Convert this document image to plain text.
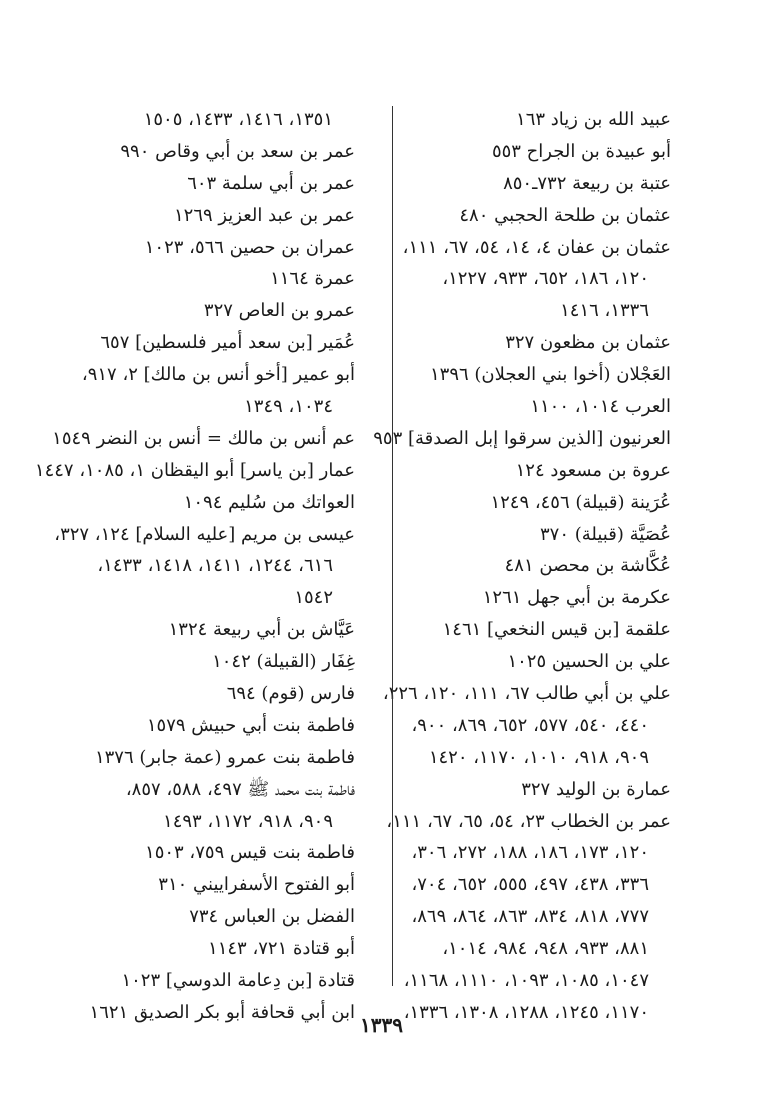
عبيد الله بن زياد ١٦٣
أبو عبيدة بن الجراح ٥٥٣
عتبة بن ربيعة ٧٣٢ـ٨٥٠
عثمان بن طلحة الحجبي ٤٨٠
عثمان بن عفان ٤، ١٤، ٥٤، ٦٧، ١١١،
١٢٠، ١٨٦، ٦٥٢، ٩٣٣، ١٢٢٧،
١٣٣٦، ١٤١٦
عثمان بن مظعون ٣٢٧
العَجْلان (أخوا بني العجلان) ١٣٩٦
العرب ١٠١٤، ١١٠٠
العرنيون [الذين سرقوا إبل الصدقة] ٩٥٣
عروة بن مسعود ١٢٤
عُرَينة (قبيلة) ٤٥٦، ١٢٤٩
عُصَيَّة (قبيلة) ٣٧٠
عُكَّاشة بن محصن ٤٨١
عكرمة بن أبي جهل ١٢٦١
علقمة [بن قيس النخعي] ١٤٦١
علي بن الحسين ١٠٢٥
علي بن أبي طالب ٦٧، ١١١، ١٢٠، ٢٢٦،
٤٤٠، ٥٤٠، ٥٧٧، ٦٥٢، ٨٦٩، ٩٠٠،
٩٠٩، ٩١٨، ١٠١٠، ١١٧٠، ١٤٢٠
عمارة بن الوليد ٣٢٧
عمر بن الخطاب ٢٣، ٥٤، ٦٥، ٦٧، ١١١،
١٢٠، ١٧٣، ١٨٦، ١٨٨، ٢٧٢، ٣٠٦،
٣٣٦، ٤٣٨، ٤٩٧، ٥٥٥، ٦٥٢، ٧٠٤،
٧٧٧، ٨١٨، ٨٣٤، ٨٦٣، ٨٦٤، ٨٦٩،
٨٨١، ٩٣٣، ٩٤٨، ٩٨٤، ١٠١٤،
١٠٤٧، ١٠٨٥، ١٠٩٣، ١١١٠، ١١٦٨،
١١٧٠، ١٢٤٥، ١٢٨٨، ١٣٠٨، ١٣٣٦،
١٣٥١، ١٤١٦، ١٤٣٣، ١٥٠٥
عمر بن سعد بن أبي وقاص ٩٩٠
عمر بن أبي سلمة ٦٠٣
عمر بن عبد العزيز ١٢٦٩
عمران بن حصين ٥٦٦، ١٠٢٣
عمرة ١١٦٤
عمرو بن العاص ٣٢٧
عُمَير [بن سعد أمير فلسطين] ٦٥٧
أبو عمير [أخو أنس بن مالك] ٢، ٩١٧،
١٠٣٤، ١٣٤٩
عم أنس بن مالك = أنس بن النضر ١٥٤٩
عمار [بن ياسر] أبو اليقظان ١، ١٠٨٥، ١٤٤٧
العواتك من سُليم ١٠٩٤
عيسى بن مريم [عليه السلام] ١٢٤، ٣٢٧،
٦١٦، ١٢٤٤، ١٤١١، ١٤١٨، ١٤٣٣،
١٥٤٢
عَيَّاش بن أبي ربيعة ١٣٢٤
غِفَار (القبيلة) ١٠٤٢
فارس (قوم) ٦٩٤
فاطمة بنت أبي حبيش ١٥٧٩
فاطمة بنت عمرو (عمة جابر) ١٣٧٦
فاطمة بنت محمد ﷺ ٤٩٧، ٥٨٨، ٨٥٧،
٩٠٩، ٩١٨، ١١٧٢، ١٤٩٣
فاطمة بنت قيس ٧٥٩، ١٥٠٣
أبو الفتوح الأسفراييني ٣١٠
الفضل بن العباس ٧٣٤
أبو قتادة ٧٢١، ١١٤٣
قتادة [بن دِعامة الدوسي] ١٠٢٣
ابن أبي قحافة أبو بكر الصديق ١٦٢١
١٣٣٩
